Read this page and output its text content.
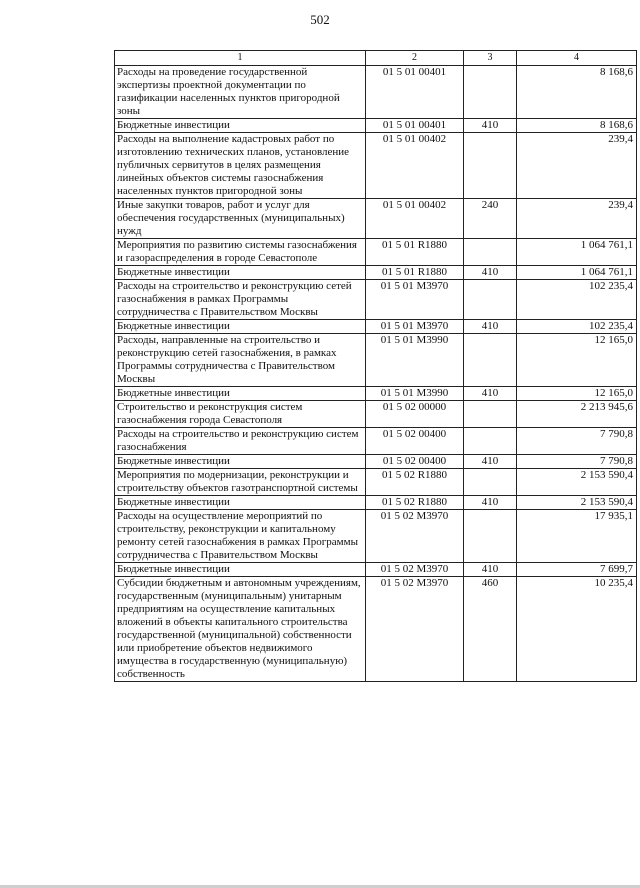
502
1	2	3	4
Расходы на проведение государственной экспертизы проектной документации по газификации населенных пунктов пригородной зоны	01 5 01 00401		8 168,6
Бюджетные инвестиции	01 5 01 00401	410	8 168,6
Расходы на выполнение кадастровых работ по изготовлению технических планов, установление публичных сервитутов в целях размещения линейных объектов системы газоснабжения населенных пунктов пригородной зоны	01 5 01 00402		239,4
Иные закупки товаров, работ и услуг для обеспечения государственных (муниципальных) нужд	01 5 01 00402	240	239,4
Мероприятия по развитию системы газоснабжения и газораспределения в городе Севастополе	01 5 01 R1880		1 064 761,1
Бюджетные инвестиции	01 5 01 R1880	410	1 064 761,1
Расходы на строительство и реконструкцию сетей газоснабжения в рамках Программы сотрудничества с Правительством Москвы	01 5 01 М3970		102 235,4
Бюджетные инвестиции	01 5 01 М3970	410	102 235,4
Расходы, направленные на строительство и реконструкцию сетей газоснабжения, в рамках Программы сотрудничества с Правительством Москвы	01 5 01 М3990		12 165,0
Бюджетные инвестиции	01 5 01 М3990	410	12 165,0
Строительство и реконструкция систем газоснабжения города Севастополя	01 5 02 00000		2 213 945,6
Расходы на строительство и реконструкцию систем газоснабжения	01 5 02 00400		7 790,8
Бюджетные инвестиции	01 5 02 00400	410	7 790,8
Мероприятия по модернизации, реконструкции и строительству объектов газотранспортной системы	01 5 02 R1880		2 153 590,4
Бюджетные инвестиции	01 5 02 R1880	410	2 153 590,4
Расходы на осуществление мероприятий по строительству, реконструкции и капитальному ремонту сетей газоснабжения в рамках Программы сотрудничества с Правительством Москвы	01 5 02 М3970		17 935,1
Бюджетные инвестиции	01 5 02 М3970	410	7 699,7
Субсидии бюджетным и автономным учреждениям, государственным (муниципальным) унитарным предприятиям на осуществление капитальных вложений в объекты капитального строительства государственной (муниципальной) собственности или приобретение объектов недвижимого имущества в государственную (муниципальную) собственность	01 5 02 М3970	460	10 235,4
